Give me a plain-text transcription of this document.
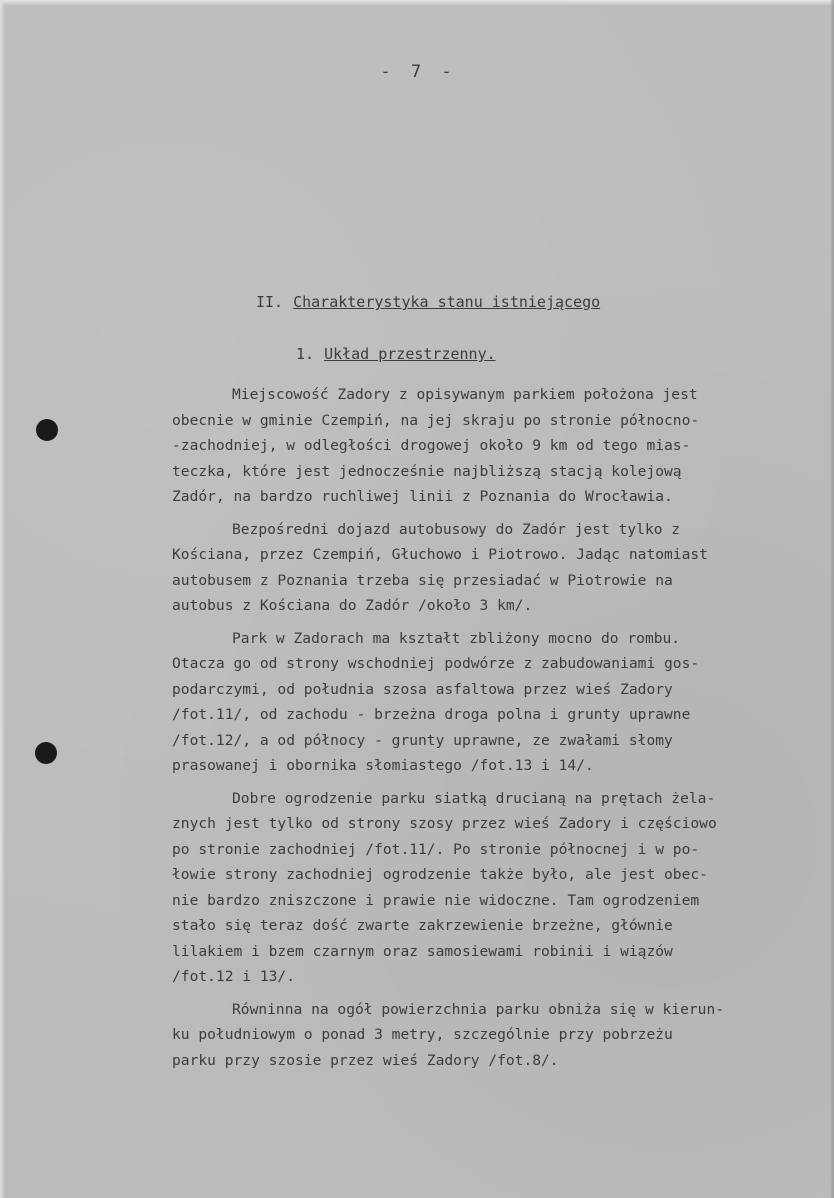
- 7 -
II. Charakterystyka stanu istniejącego
1. Układ przestrzenny.

Miejscowość Zadory z opisywanym parkiem położona jest
obecnie w gminie Czempiń, na jej skraju po stronie północno-
-zachodniej, w odległości drogowej około 9 km od tego mias-
teczka, które jest jednocześnie najbliższą stacją kolejową
Zadór, na bardzo ruchliwej linii z Poznania do Wrocławia.

Bezpośredni dojazd autobusowy do Zadór jest tylko z
Kościana, przez Czempiń, Głuchowo i Piotrowo. Jadąc natomiast
autobusem z Poznania trzeba się przesiadać w Piotrowie na
autobus z Kościana do Zadór /około 3 km/.

Park w Zadorach ma kształt zbliżony mocno do rombu.
Otacza go od strony wschodniej podwórze z zabudowaniami gos-
podarczymi, od południa szosa asfaltowa przez wieś Zadory
/fot.11/, od zachodu - brzeżna droga polna i grunty uprawne
/fot.12/, a od północy - grunty uprawne, ze zwałami słomy
prasowanej i obornika słomiastego /fot.13 i 14/.

Dobre ogrodzenie parku siatką drucianą na prętach żela-
znych jest tylko od strony szosy przez wieś Zadory i częściowo
po stronie zachodniej /fot.11/. Po stronie północnej i w po-
łowie strony zachodniej ogrodzenie także było, ale jest obec-
nie bardzo zniszczone i prawie nie widoczne. Tam ogrodzeniem
stało się teraz dość zwarte zakrzewienie brzeżne, głównie
lilakiem i bzem czarnym oraz samosiewami robinii i wiązów
/fot.12 i 13/.

Równinna na ogół powierzchnia parku obniża się w kierun-
ku południowym o ponad 3 metry, szczególnie przy pobrzeżu
parku przy szosie przez wieś Zadory /fot.8/.
